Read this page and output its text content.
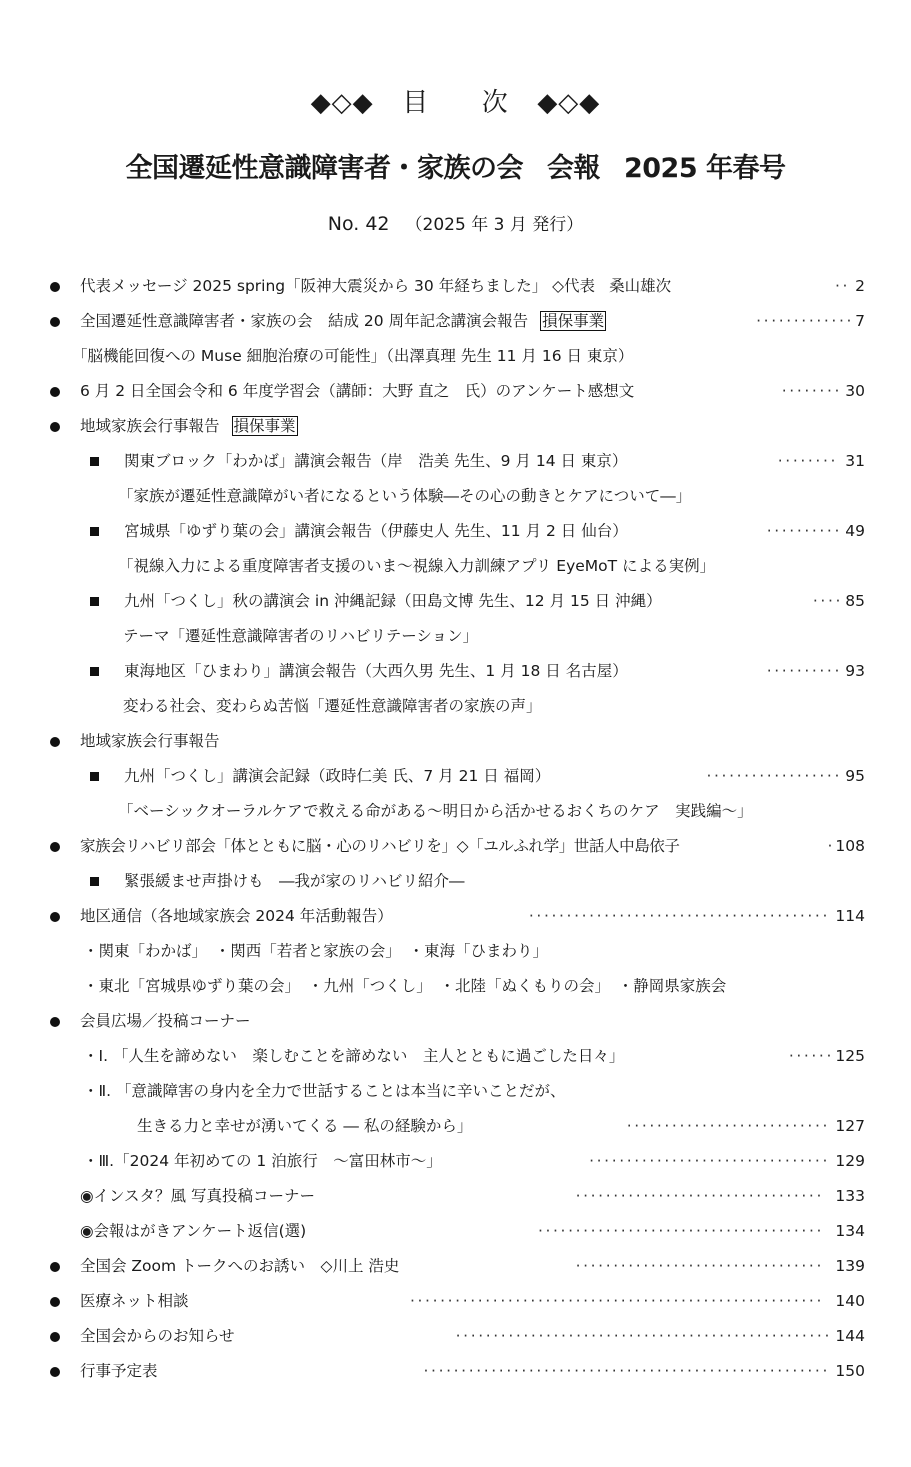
◆◇◆ 目 次 ◆◇◆
全国遷延性意識障害者・家族の会 会報 2025 年春号
No. 42 （2025 年 3 月 発行）
代表メッセージ 2025 spring「阪神大震災から 30 年経ちました」 ◇代表 桑山雄次	·· 2
全国遷延性意識障害者・家族の会　結成 20 周年記念講演会報告 損保事業	············· 7
「脳機能回復への Muse 細胞治療の可能性」（出澤真理 先生 11 月 16 日 東京）
6 月 2 日全国会令和 6 年度学習会（講師：大野 直之　氏）のアンケート感想文	········ 30
地域家族会行事報告 損保事業
関東ブロック「わかば」講演会報告（岸　浩美 先生、9 月 14 日 東京）	········ 31
「家族が遷延性意識障がい者になるという体験―その心の動きとケアについて―」
宮城県「ゆずり葉の会」講演会報告（伊藤史人 先生、11 月 2 日 仙台）	·········· 49
「視線入力による重度障害者支援のいま～視線入力訓練アプリ EyeMoT による実例」
九州「つくし」秋の講演会 in 沖縄記録（田島文博 先生、12 月 15 日 沖縄）	···· 85
テーマ「遷延性意識障害者のリハビリテーション」
東海地区「ひまわり」講演会報告（大西久男 先生、1 月 18 日 名古屋）	·········· 93
変わる社会、変わらぬ苦悩「遷延性意識障害者の家族の声」
地域家族会行事報告
九州「つくし」講演会記録（政時仁美 氏、7 月 21 日 福岡）	·················· 95
「ベーシックオーラルケアで救える命がある～明日から活かせるおくちのケア　実践編～」
家族会リハビリ部会「体とともに脳・心のリハビリを」◇「ユルふれ学」世話人中島依子	· 108
緊張緩ませ声掛けも　―我が家のリハビリ紹介―
地区通信（各地域家族会 2024 年活動報告）	········································ 114
・関東「わかば」　・関西「若者と家族の会」　・東海「ひまわり」
・東北「宮城県ゆずり葉の会」　・九州「つくし」　・北陸「ぬくもりの会」　・静岡県家族会
会員広場／投稿コーナー
・Ⅰ. 「人生を諦めない　楽しむことを諦めない　主人とともに過ごした日々」	······ 125
・Ⅱ. 「意識障害の身内を全力で世話することは本当に辛いことだが、
生きる力と幸せが湧いてくる ― 私の経験から」	··························· 127
・Ⅲ.「2024 年初めての 1 泊旅行　～富田林市～」	································ 129
◉インスタ？風 写真投稿コーナー	································· 133
◉会報はがきアンケート返信(選)	······································ 134
全国会 Zoom トークへのお誘い　◇川上 浩史	································· 139
医療ネット相談	······················································· 140
全国会からのお知らせ	·················································· 144
行事予定表	······················································ 150
